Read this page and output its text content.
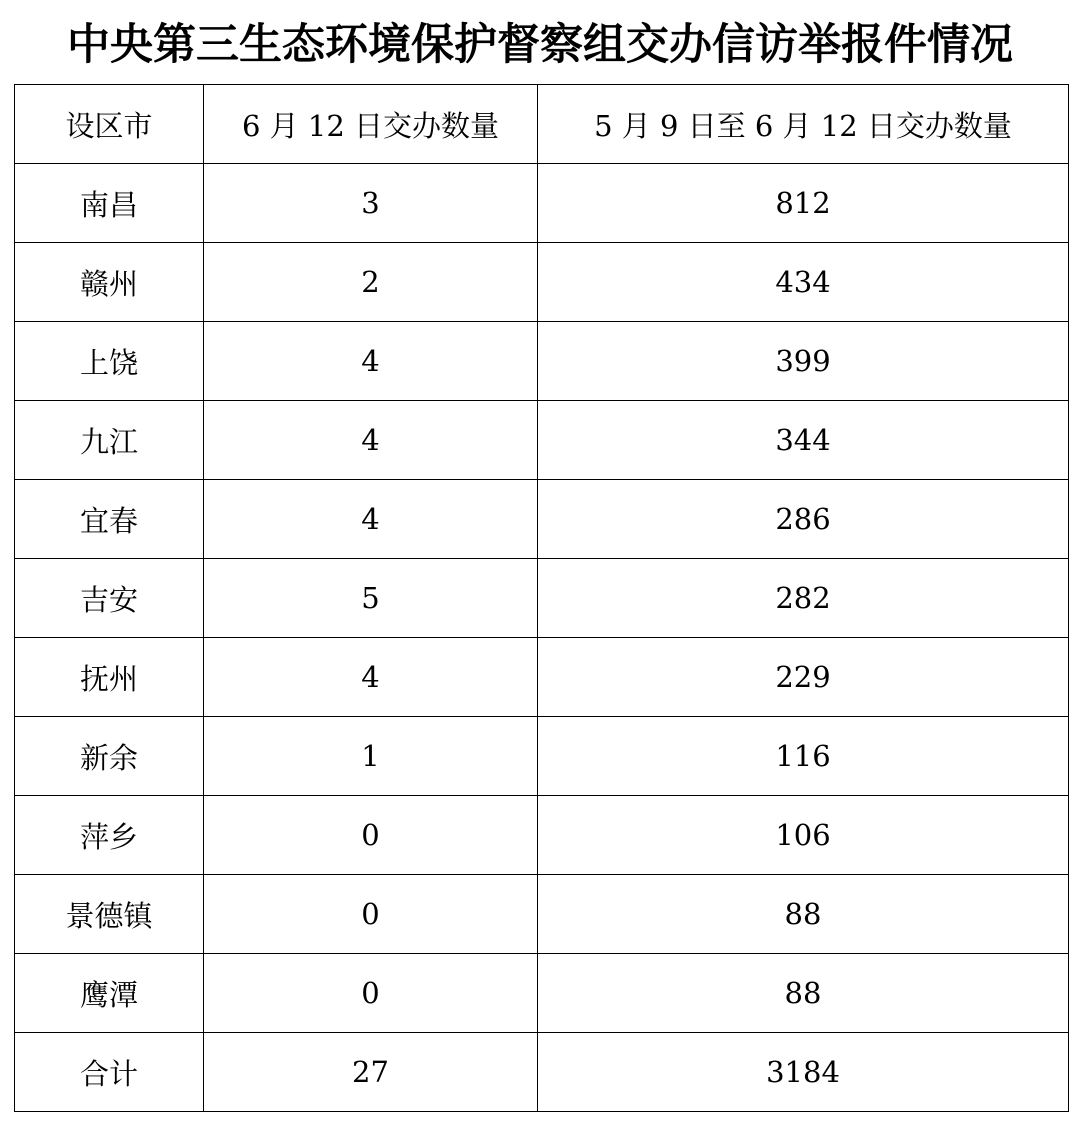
中央第三生态环境保护督察组交办信访举报件情况
设区市	6 月 12 日交办数量	5 月 9 日至 6 月 12 日交办数量
南昌	3	812
赣州	2	434
上饶	4	399
九江	4	344
宜春	4	286
吉安	5	282
抚州	4	229
新余	1	116
萍乡	0	106
景德镇	0	88
鹰潭	0	88
合计	27	3184
